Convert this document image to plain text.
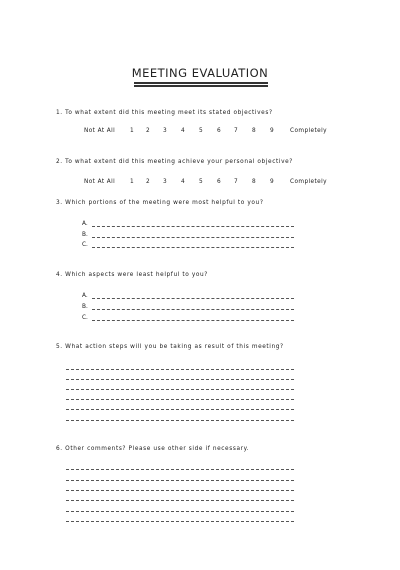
MEETING EVALUATION
1. To what extent did this meeting meet its stated objectives?
Not At All	1 2 3 4 5 6 7 8 9	Completely
2. To what extent did this meeting achieve your personal objective?
Not At All	1 2 3 4 5 6 7 8 9	Completely
3. Which portions of the meeting were most helpful to you?
A.
B.
C.
4. Which aspects were least helpful to you?
A.
B.
C.
5. What action steps will you be taking as result of this meeting?
6. Other comments? Please use other side if necessary.
